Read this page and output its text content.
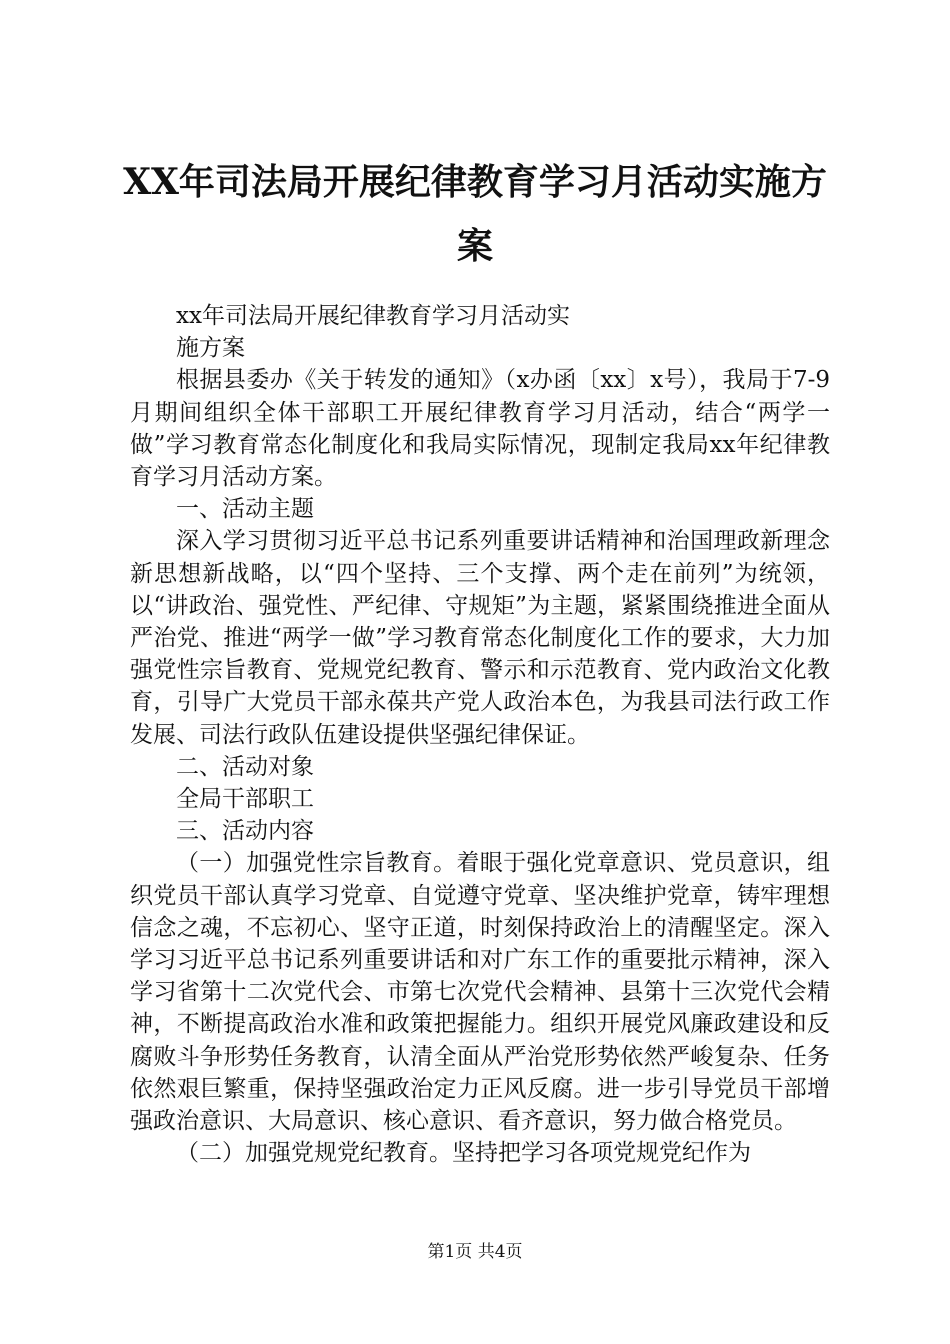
XX年司法局开展纪律教育学习月活动实施方
案

xx年司法局开展纪律教育学习月活动实

施方案

根据县委办《关于转发的通知》（x办函〔xx〕x号），我局于7-9月期间组织全体干部职工开展纪律教育学习月活动，结合“两学一做”学习教育常态化制度化和我局实际情况，现制定我局xx年纪律教育学习月活动方案。

一、活动主题

深入学习贯彻习近平总书记系列重要讲话精神和治国理政新理念新思想新战略，以“四个坚持、三个支撑、两个走在前列”为统领，以“讲政治、强党性、严纪律、守规矩”为主题，紧紧围绕推进全面从严治党、推进“两学一做”学习教育常态化制度化工作的要求，大力加强党性宗旨教育、党规党纪教育、警示和示范教育、党内政治文化教育，引导广大党员干部永葆共产党人政治本色，为我县司法行政工作发展、司法行政队伍建设提供坚强纪律保证。

二、活动对象

全局干部职工

三、活动内容

（一）加强党性宗旨教育。着眼于强化党章意识、党员意识，组织党员干部认真学习党章、自觉遵守党章、坚决维护党章，铸牢理想信念之魂，不忘初心、坚守正道，时刻保持政治上的清醒坚定。深入学习习近平总书记系列重要讲话和对广东工作的重要批示精神，深入学习省第十二次党代会、市第七次党代会精神、县第十三次党代会精神，不断提高政治水准和政策把握能力。组织开展党风廉政建设和反腐败斗争形势任务教育，认清全面从严治党形势依然严峻复杂、任务依然艰巨繁重，保持坚强政治定力正风反腐。进一步引导党员干部增强政治意识、大局意识、核心意识、看齐意识，努力做合格党员。

（二）加强党规党纪教育。坚持把学习各项党规党纪作为

第1页 共4页
